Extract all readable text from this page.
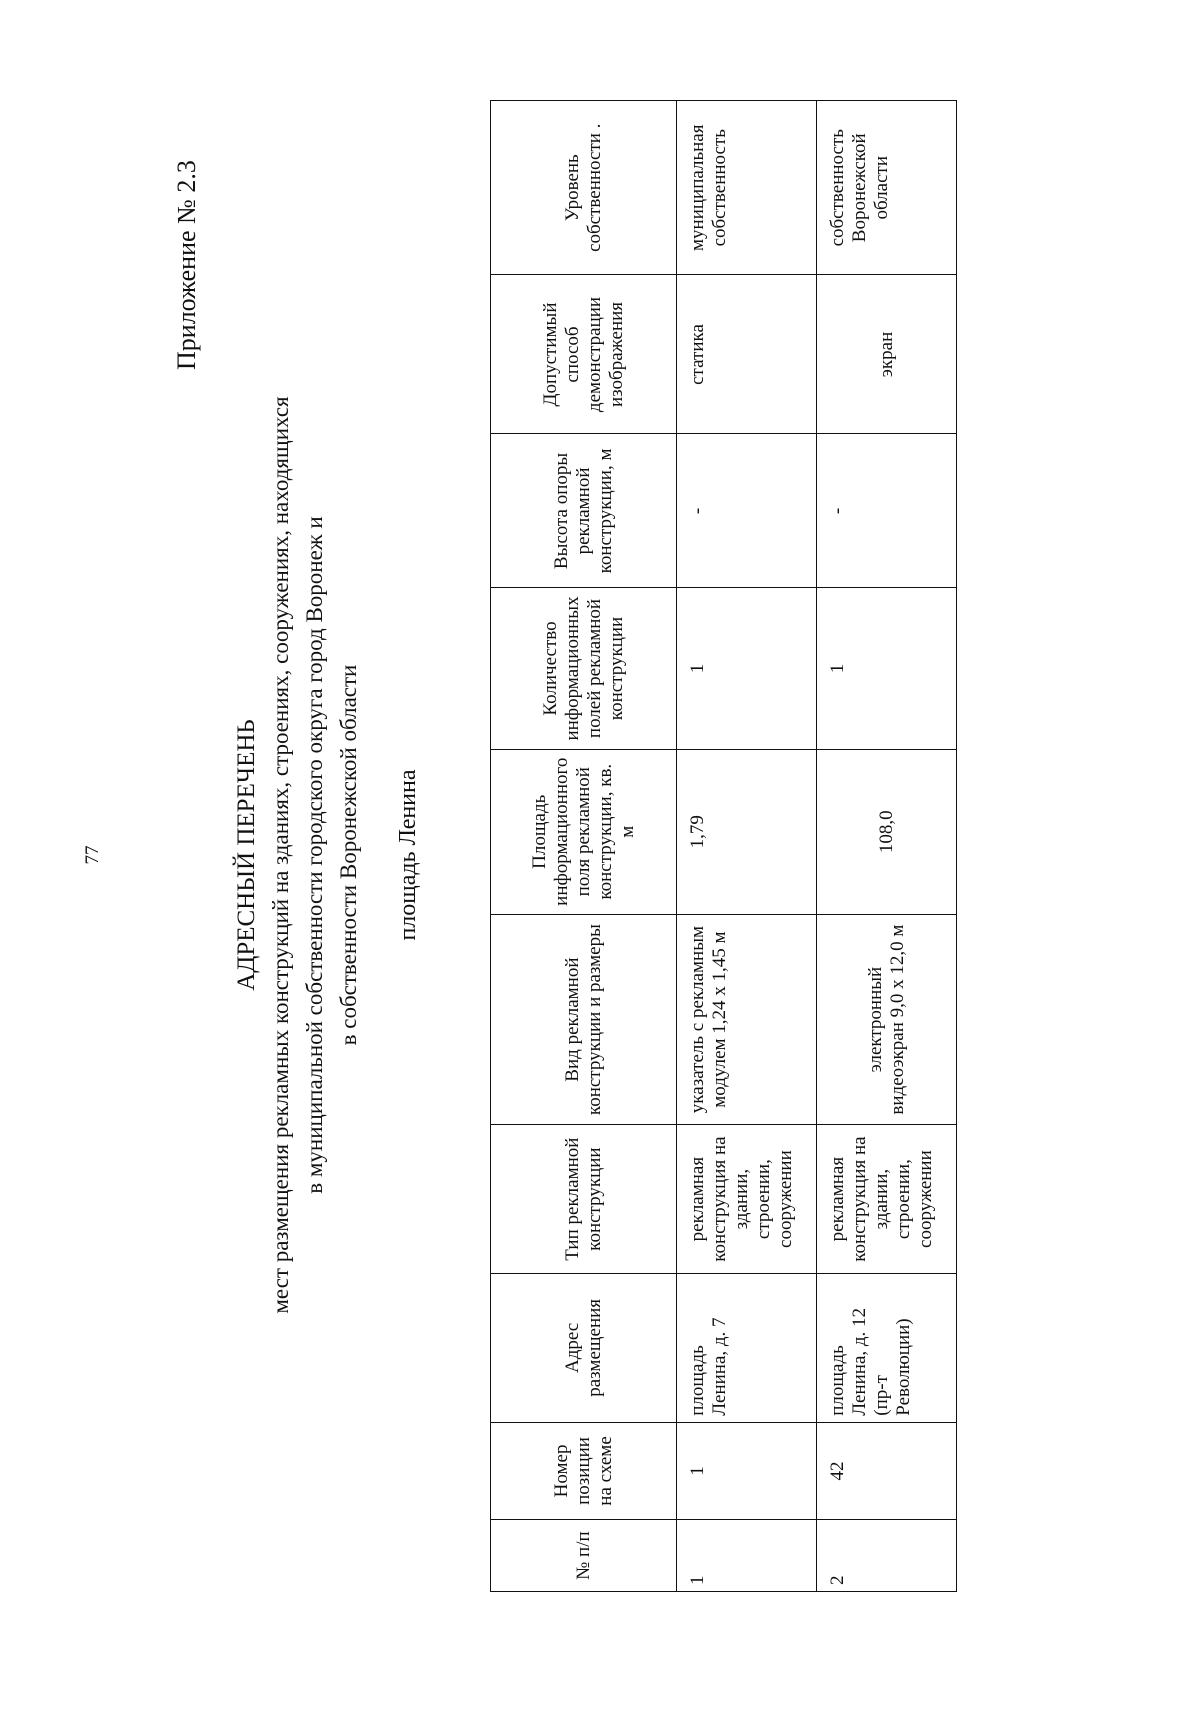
77
Приложение № 2.3
АДРЕСНЫЙ ПЕРЕЧЕНЬ мест размещения рекламных конструкций на зданиях, строениях, сооружениях, находящихся в муниципальной собственности городского округа город Воронеж и в собственности Воронежской области площадь Ленина
№ п/п	Номер позиции на схеме	Адрес размещения	Тип рекламной конструкции	Вид рекламной конструкции и размеры	Площадь информационного поля рекламной конструкции, кв. м	Количество информационных полей рекламной конструкции	Высота опоры рекламной конструкции, м	Допустимый способ демонстрации изображения	Уровень собственности .
1	1	площадь Ленина, д. 7	рекламная конструкция на здании, строении, сооружении	указатель с рекламным модулем 1,24 х 1,45 м	1,79	1	-	статика	муниципальная собственность
2	42	площадь Ленина, д. 12 (пр-т Революции)	рекламная конструкция на здании, строении, сооружении	электронный видеоэкран 9,0 х 12,0 м	108,0	1	-	экран	собственность Воронежской области
